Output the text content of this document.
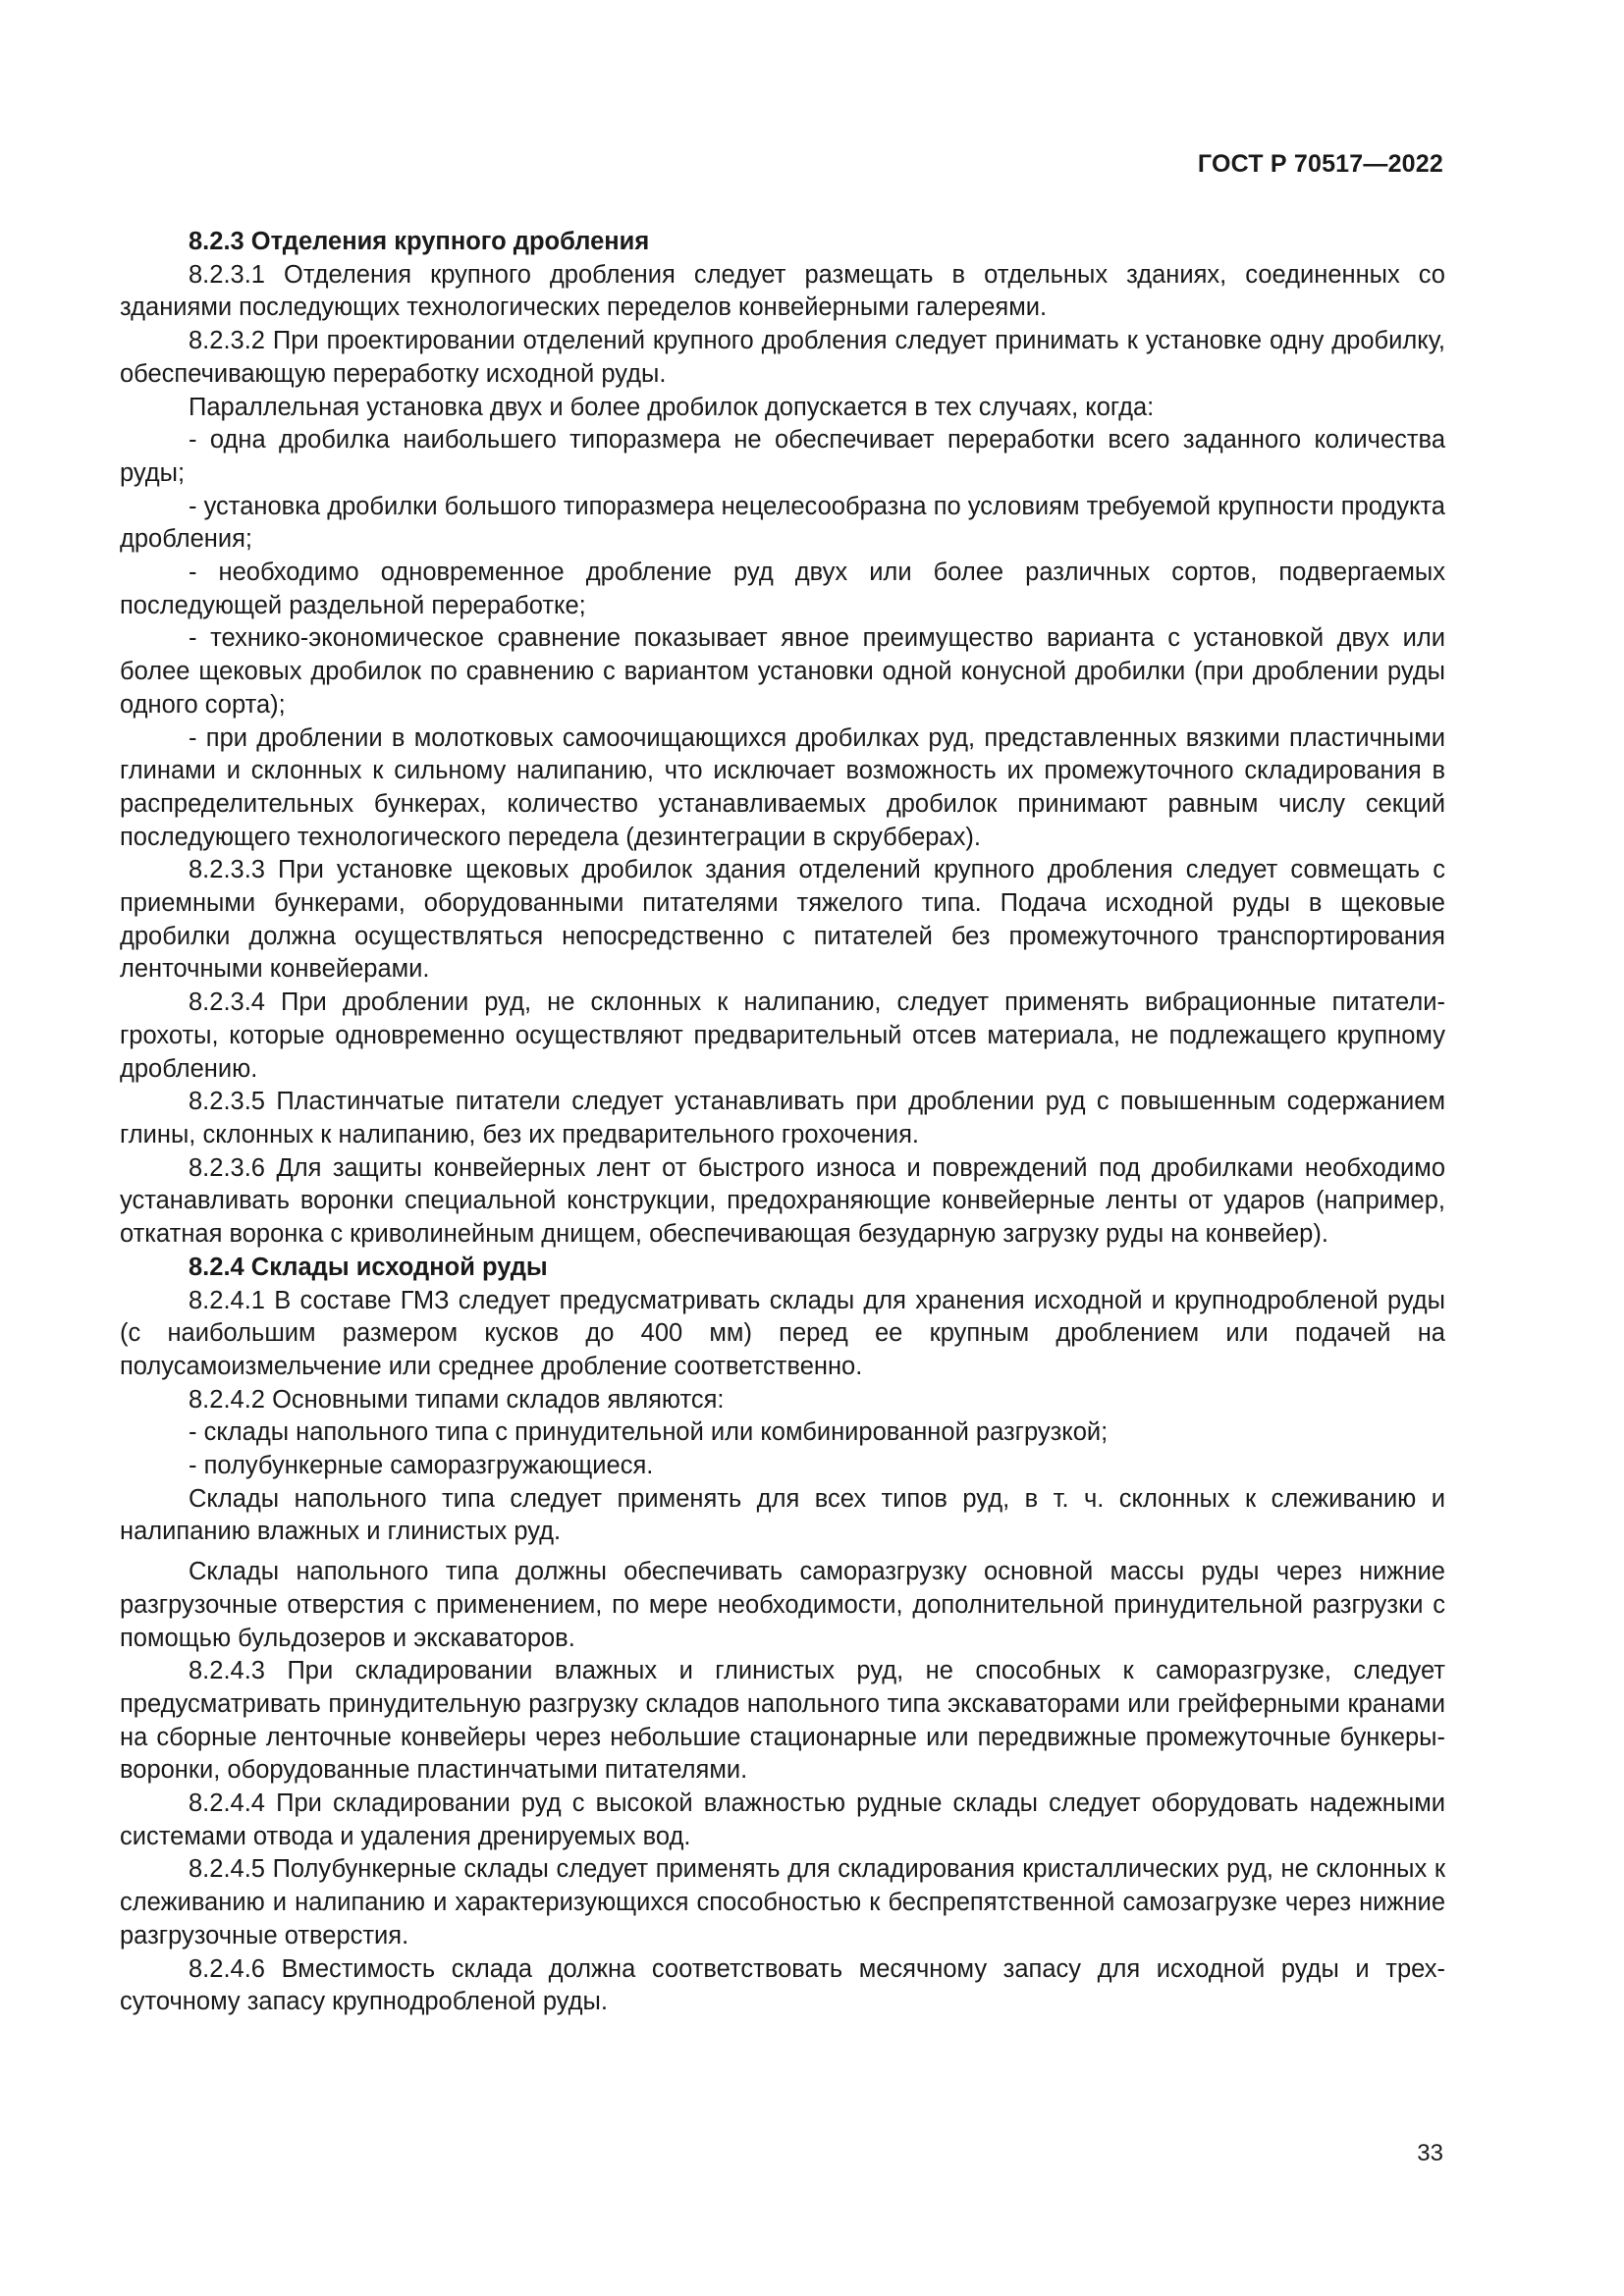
ГОСТ Р 70517—2022

8.2.3 Отделения крупного дробления

8.2.3.1 Отделения крупного дробления следует размещать в отдельных зданиях, соединенных со зданиями последующих технологических переделов конвейерными галереями.

8.2.3.2 При проектировании отделений крупного дробления следует принимать к установке одну дробилку, обеспечивающую переработку исходной руды.

Параллельная установка двух и более дробилок допускается в тех случаях, когда:

- одна дробилка наибольшего типоразмера не обеспечивает переработки всего заданного количества руды;

- установка дробилки большого типоразмера нецелесообразна по условиям требуемой крупности продукта дробления;

- необходимо одновременное дробление руд двух или более различных сортов, подвергаемых последующей раздельной переработке;

- технико-экономическое сравнение показывает явное преимущество варианта с установкой двух или более щековых дробилок по сравнению с вариантом установки одной конусной дробилки (при дроблении руды одного сорта);

- при дроблении в молотковых самоочищающихся дробилках руд, представленных вязкими пластичными глинами и склонных к сильному налипанию, что исключает возможность их промежуточного складирования в распределительных бункерах, количество устанавливаемых дробилок принимают равным числу секций последующего технологического передела (дезинтеграции в скрубберах).

8.2.3.3 При установке щековых дробилок здания отделений крупного дробления следует совмещать с приемными бункерами, оборудованными питателями тяжелого типа. Подача исходной руды в щековые дробилки должна осуществляться непосредственно с питателей без промежуточного транспортирования ленточными конвейерами.

8.2.3.4 При дроблении руд, не склонных к налипанию, следует применять вибрационные питатели-грохоты, которые одновременно осуществляют предварительный отсев материала, не подлежащего крупному дроблению.

8.2.3.5 Пластинчатые питатели следует устанавливать при дроблении руд с повышенным содержанием глины, склонных к налипанию, без их предварительного грохочения.

8.2.3.6 Для защиты конвейерных лент от быстрого износа и повреждений под дробилками необходимо устанавливать воронки специальной конструкции, предохраняющие конвейерные ленты от ударов (например, откатная воронка с криволинейным днищем, обеспечивающая безударную загрузку руды на конвейер).

8.2.4 Склады исходной руды

8.2.4.1 В составе ГМЗ следует предусматривать склады для хранения исходной и крупнодробленой руды (с наибольшим размером кусков до 400 мм) перед ее крупным дроблением или подачей на полусамоизмельчение или среднее дробление соответственно.

8.2.4.2 Основными типами складов являются:

- склады напольного типа с принудительной или комбинированной разгрузкой;

- полубункерные саморазгружающиеся.

Склады напольного типа следует применять для всех типов руд, в т. ч. склонных к слеживанию и налипанию влажных и глинистых руд.

Склады напольного типа должны обеспечивать саморазгрузку основной массы руды через нижние разгрузочные отверстия с применением, по мере необходимости, дополнительной принудительной разгрузки с помощью бульдозеров и экскаваторов.

8.2.4.3 При складировании влажных и глинистых руд, не способных к саморазгрузке, следует предусматривать принудительную разгрузку складов напольного типа экскаваторами или грейферными кранами на сборные ленточные конвейеры через небольшие стационарные или передвижные промежуточные бункеры-воронки, оборудованные пластинчатыми питателями.

8.2.4.4 При складировании руд с высокой влажностью рудные склады следует оборудовать надежными системами отвода и удаления дренируемых вод.

8.2.4.5 Полубункерные склады следует применять для складирования кристаллических руд, не склонных к слеживанию и налипанию и характеризующихся способностью к беспрепятственной самозагрузке через нижние разгрузочные отверстия.

8.2.4.6 Вместимость склада должна соответствовать месячному запасу для исходной руды и трехсуточному запасу крупнодробленой руды.

33
